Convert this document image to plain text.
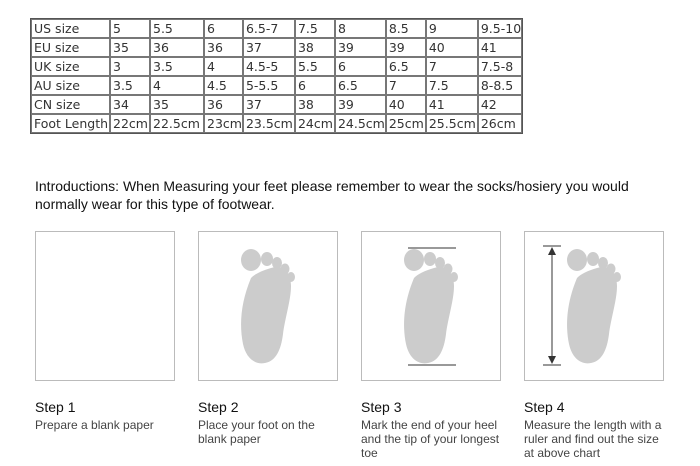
US size	5	5.5	6	6.5-7	7.5	8	8.5	9	9.5-10
EU size	35	36	36	37	38	39	39	40	41
UK size	3	3.5	4	4.5-5	5.5	6	6.5	7	7.5-8
AU size	3.5	4	4.5	5-5.5	6	6.5	7	7.5	8-8.5
CN size	34	35	36	37	38	39	40	41	42
Foot Length	22cm	22.5cm	23cm	23.5cm	24cm	24.5cm	25cm	25.5cm	26cm
Introductions: When Measuring your feet please remember to wear the socks/hosiery you would normally wear for this type of footwear.
Step 1
Prepare a blank paper
Step 2
Place your foot on the blank paper
Step 3
Mark the end of your heel and the tip of your longest toe
Step 4
Measure the length with a ruler and find out the size at above chart
